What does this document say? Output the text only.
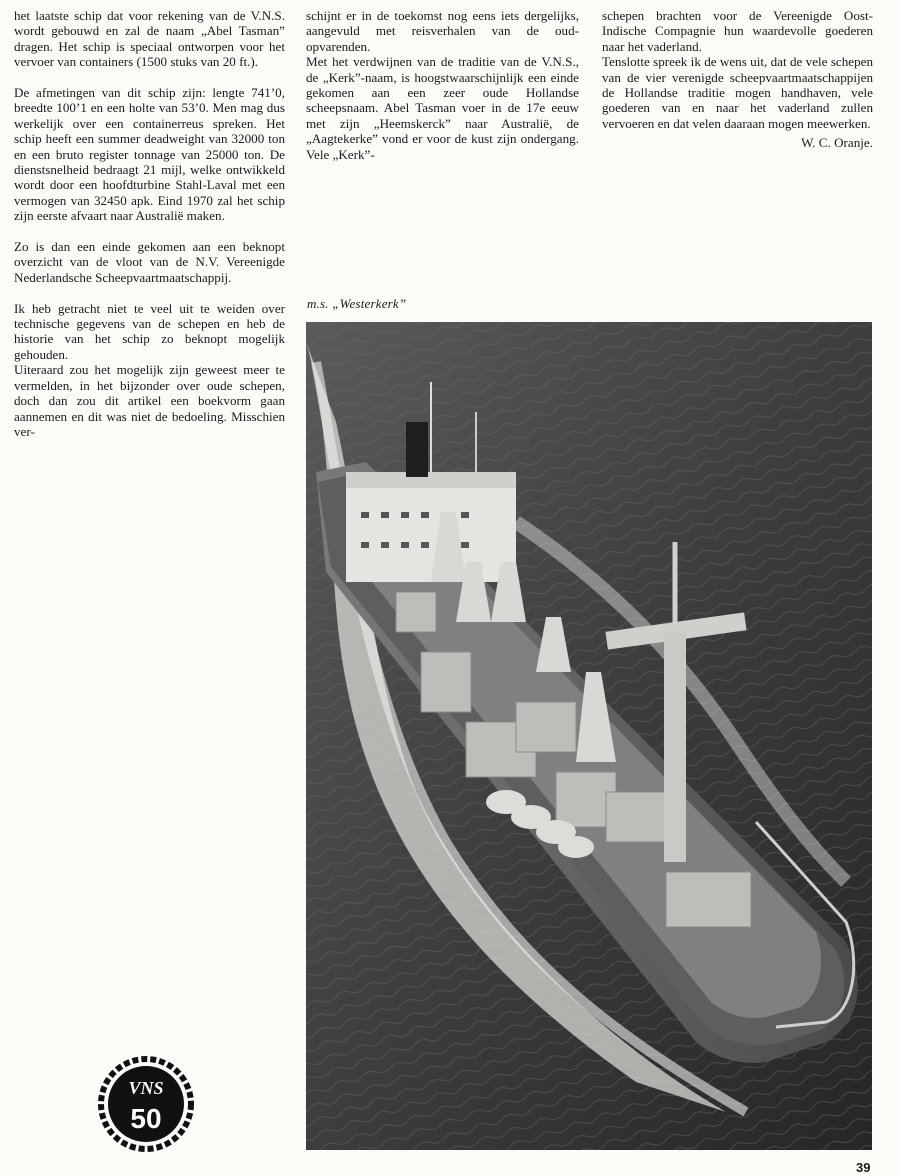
het laatste schip dat voor rekening van de V.N.S. wordt gebouwd en zal de naam „Abel Tasman” dragen. Het schip is speciaal ontworpen voor het vervoer van containers (1500 stuks van 20 ft.).

De afmetingen van dit schip zijn: lengte 741’0, breedte 100’1 en een holte van 53’0. Men mag dus werkelijk over een containerreus spreken. Het schip heeft een summer deadweight van 32000 ton en een bruto register tonnage van 25000 ton. De dienstsnelheid bedraagt 21 mijl, welke ontwikkeld wordt door een hoofdturbine Stahl-Laval met een vermogen van 32450 apk. Eind 1970 zal het schip zijn eerste afvaart naar Australië maken.

Zo is dan een einde gekomen aan een beknopt overzicht van de vloot van de N.V. Vereenigde Nederlandsche Scheepvaartmaatschappij.

Ik heb getracht niet te veel uit te weiden over technische gegevens van de schepen en heb de historie van het schip zo beknopt mogelijk gehouden.

Uiteraard zou het mogelijk zijn geweest meer te vermelden, in het bijzonder over oude schepen, doch dan zou dit artikel een boekvorm gaan aannemen en dit was niet de bedoeling. Misschien ver-

schijnt er in de toekomst nog eens iets dergelijks, aangevuld met reisverhalen van de oud-opvarenden.

Met het verdwijnen van de traditie van de V.N.S., de „Kerk”-naam, is hoogstwaarschijnlijk een einde gekomen aan een zeer oude Hollandse scheepsnaam. Abel Tasman voer in de 17e eeuw met zijn „Heemskerck” naar Australië, de „Aagtekerke” vond er voor de kust zijn ondergang. Vele „Kerk”-

schepen brachten voor de Vereenigde Oost-Indische Compagnie hun waardevolle goederen naar het vaderland.

Tenslotte spreek ik de wens uit, dat de vele schepen van de vier verenigde scheepvaartmaatschappijen de Hollandse traditie mogen handhaven, vele goederen van en naar het vaderland zullen vervoeren en dat velen daaraan mogen meewerken.

W. C. Oranje.
m.s. „Westerkerk”
VNS
50
39
